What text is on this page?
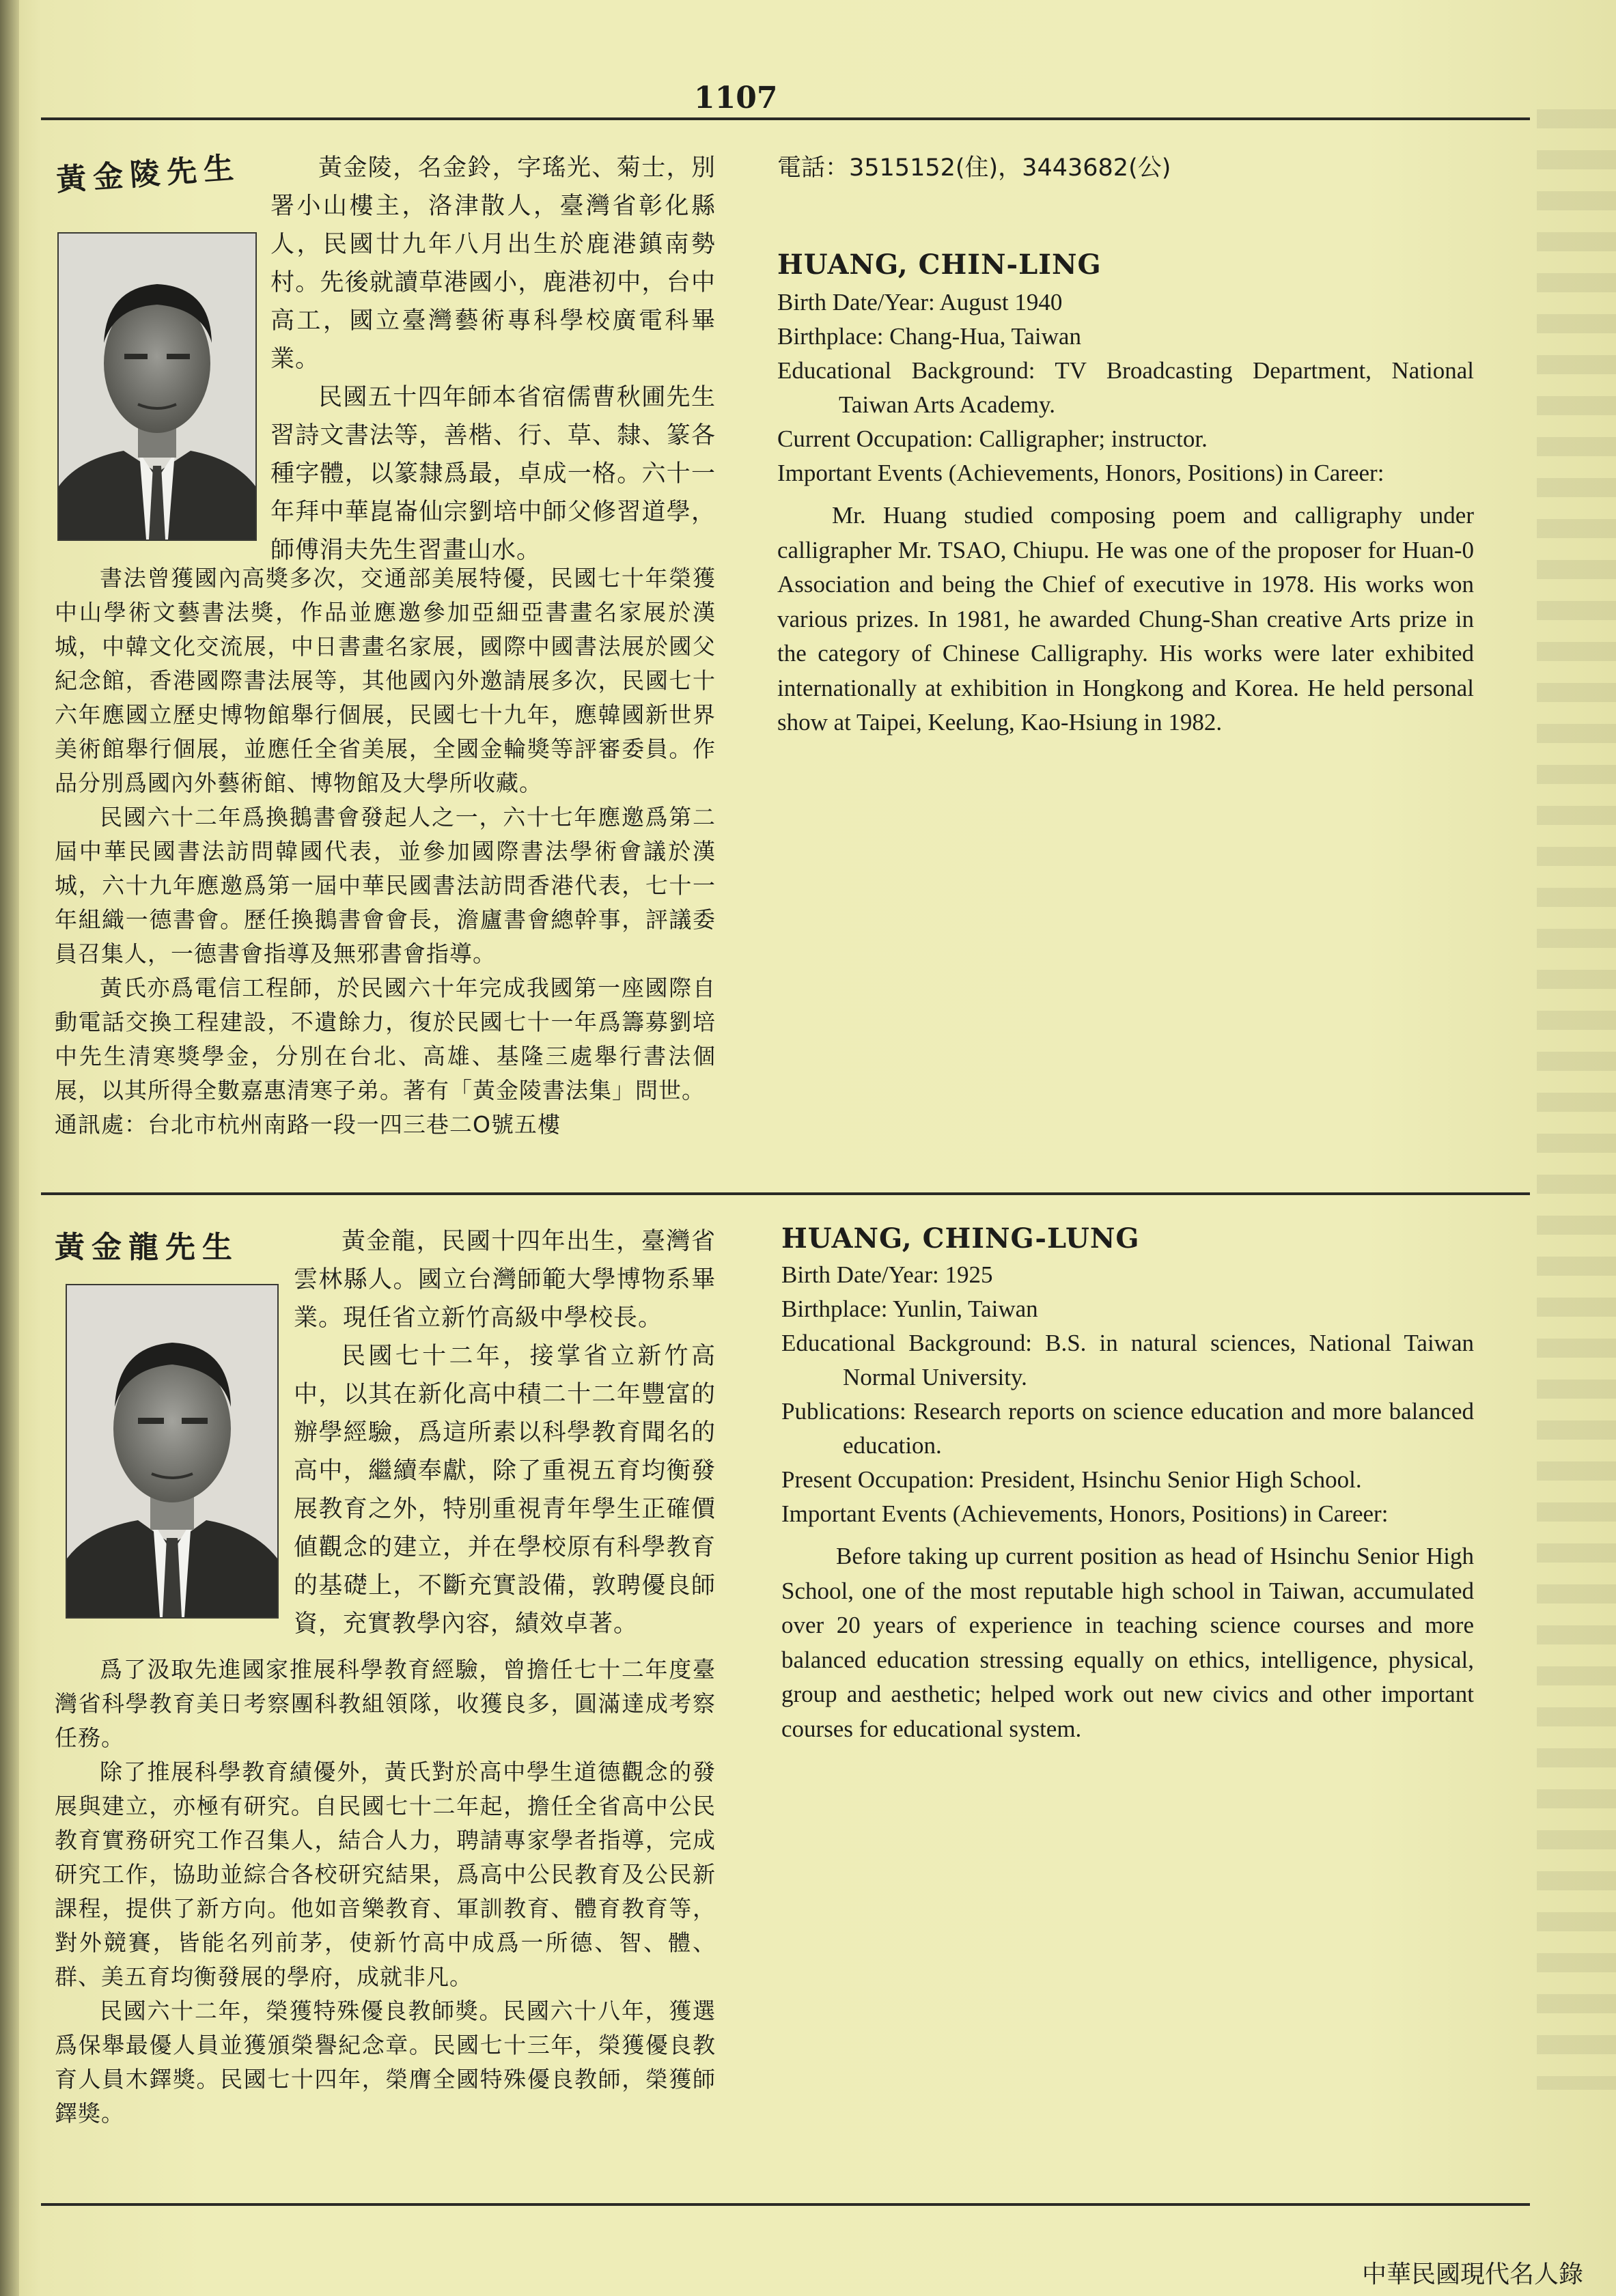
1107
黃金陵先生	黃金陵，名金鈴，字瑤光、菊士，別署小山樓主，洛津散人，臺灣省彰化縣人，民國廿九年八月出生於鹿港鎮南勢村。先後就讀草港國小，鹿港初中，台中高工，國立臺灣藝術專科學校廣電科畢業。

民國五十四年師本省宿儒曹秋圃先生習詩文書法等，善楷、行、草、隸、篆各種字體，以篆隸爲最，卓成一格。六十一年拜中華崑崙仙宗劉培中師父修習道學，師傅涓夫先生習畫山水。

書法曾獲國內高獎多次，交通部美展特優，民國七十年榮獲中山學術文藝書法獎，作品並應邀參加亞細亞書畫名家展於漢城，中韓文化交流展，中日書畫名家展，國際中國書法展於國父紀念館，香港國際書法展等，其他國內外邀請展多次，民國七十六年應國立歷史博物館舉行個展，民國七十九年，應韓國新世界美術館舉行個展，並應任全省美展，全國金輪獎等評審委員。作品分別爲國內外藝術館、博物館及大學所收藏。

民國六十二年爲換鵝書會發起人之一，六十七年應邀爲第二屆中華民國書法訪問韓國代表，並參加國際書法學術會議於漢城，六十九年應邀爲第一屆中華民國書法訪問香港代表，七十一年組織一德書會。歷任換鵝書會會長，澹廬書會總幹事，評議委員召集人，一德書會指導及無邪書會指導。

黃氏亦爲電信工程師，於民國六十年完成我國第一座國際自動電話交換工程建設，不遺餘力，復於民國七十一年爲籌募劉培中先生清寒獎學金，分別在台北、高雄、基隆三處舉行書法個展，以其所得全數嘉惠清寒子弟。著有「黃金陵書法集」問世。

通訊處：台北市杭州南路一段一四三巷二O號五樓

電話：3515152(住)，3443682(公)
HUANG, CHIN-LING

Birth Date/Year: August 1940

Birthplace: Chang-Hua, Taiwan

Educational Background: TV Broadcasting Department, National Taiwan Arts Academy.

Current Occupation: Calligrapher; instructor.

Important Events (Achievements, Honors, Positions) in Career:

Mr. Huang studied composing poem and calligraphy under calligrapher Mr. TSAO, Chiupu. He was one of the proposer for Huan-0 Association and being the Chief of executive in 1978. His works won various prizes. In 1981, he awarded Chung-Shan creative Arts prize in the category of Chinese Calligraphy. His works were later exhibited internationally at exhibition in Hongkong and Korea. He held personal show at Taipei, Keelung, Kao-Hsiung in 1982.

黃金龍先生	黃金龍，民國十四年出生，臺灣省雲林縣人。國立台灣師範大學博物系畢業。現任省立新竹高級中學校長。

民國七十二年，接掌省立新竹高中，以其在新化高中積二十二年豐富的辦學經驗，爲這所素以科學教育聞名的高中，繼續奉獻，除了重視五育均衡發展教育之外，特別重視青年學生正確價値觀念的建立，并在學校原有科學教育的基礎上，不斷充實設備，敦聘優良師資，充實教學內容，績效卓著。

爲了汲取先進國家推展科學教育經驗，曾擔任七十二年度臺灣省科學教育美日考察團科教組領隊，收獲良多，圓滿達成考察任務。

除了推展科學教育績優外，黃氏對於高中學生道德觀念的發展與建立，亦極有研究。自民國七十二年起，擔任全省高中公民教育實務研究工作召集人，結合人力，聘請專家學者指導，完成研究工作，協助並綜合各校研究結果，爲高中公民教育及公民新課程，提供了新方向。他如音樂教育、軍訓教育、體育教育等，對外競賽，皆能名列前茅，使新竹高中成爲一所德、智、體、群、美五育均衡發展的學府，成就非凡。

民國六十二年，榮獲特殊優良教師獎。民國六十八年，獲選爲保舉最優人員並獲頒榮譽紀念章。民國七十三年，榮獲優良教育人員木鐸獎。民國七十四年，榮膺全國特殊優良教師，榮獲師鐸獎。

HUANG, CHING-LUNG

Birth Date/Year: 1925

Birthplace: Yunlin, Taiwan

Educational Background: B.S. in natural sciences, National Taiwan Normal University.

Publications: Research reports on science education and more balanced education.

Present Occupation: President, Hsinchu Senior High School.

Important Events (Achievements, Honors, Positions) in Career:

Before taking up current position as head of Hsinchu Senior High School, one of the most reputable high school in Taiwan, accumulated over 20 years of experience in teaching science courses and more balanced education stressing equally on ethics, intelligence, physical, group and aesthetic; helped work out new civics and other important courses for educational system.

中華民國現代名人錄
